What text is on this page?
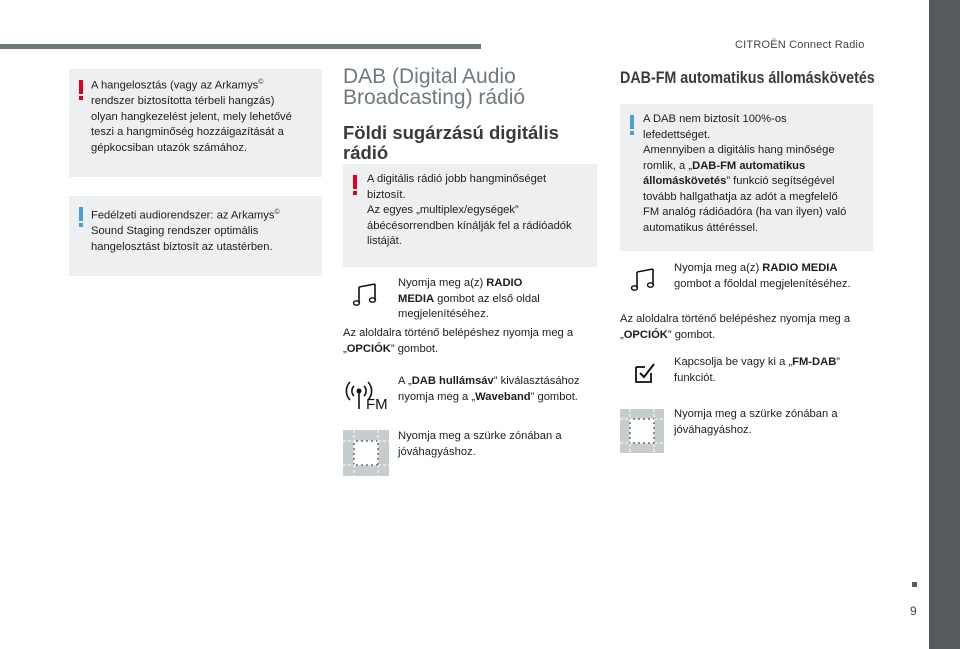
CITROËN Connect Radio
A hangelosztás (vagy az Arkamys©
rendszer biztosította térbeli hangzás)
olyan hangkezelést jelent, mely lehetővé
teszi a hangminőség hozzáigazítását a
gépkocsiban utazók számához.
Fedélzeti audiorendszer: az Arkamys©
Sound Staging rendszer optimális
hangelosztást biztosít az utastérben.
DAB (Digital Audio
Broadcasting) rádió
Földi sugárzású digitális
rádió
A digitális rádió jobb hangminőséget
biztosít.
Az egyes „multiplex/egységek”
ábécésorrendben kínálják fel a rádióadók
listáját.
Nyomja meg a(z) RADIO
MEDIA gombot az első oldal
megjelenítéséhez.
Az aloldalra történő belépéshez nyomja meg a
„OPCIÓK” gombot.
FM
A „DAB hullámsáv” kiválasztásához
nyomja meg a „Waveband” gombot.
Nyomja meg a szürke zónában a
jóváhagyáshoz.
DAB-FM automatikus állomáskövetés
A DAB nem biztosít 100%-os
lefedettséget.
Amennyiben a digitális hang minősége
romlik, a „DAB-FM automatikus
állomáskövetés” funkció segítségével
tovább hallgathatja az adót a megfelelő
FM analóg rádióadóra (ha van ilyen) való
automatikus áttéréssel.
Nyomja meg a(z) RADIO MEDIA
gombot a főoldal megjelenítéséhez.
Az aloldalra történő belépéshez nyomja meg a
„OPCIÓK” gombot.
Kapcsolja be vagy ki a „FM-DAB”
funkciót.
Nyomja meg a szürke zónában a
jóváhagyáshoz.
9
